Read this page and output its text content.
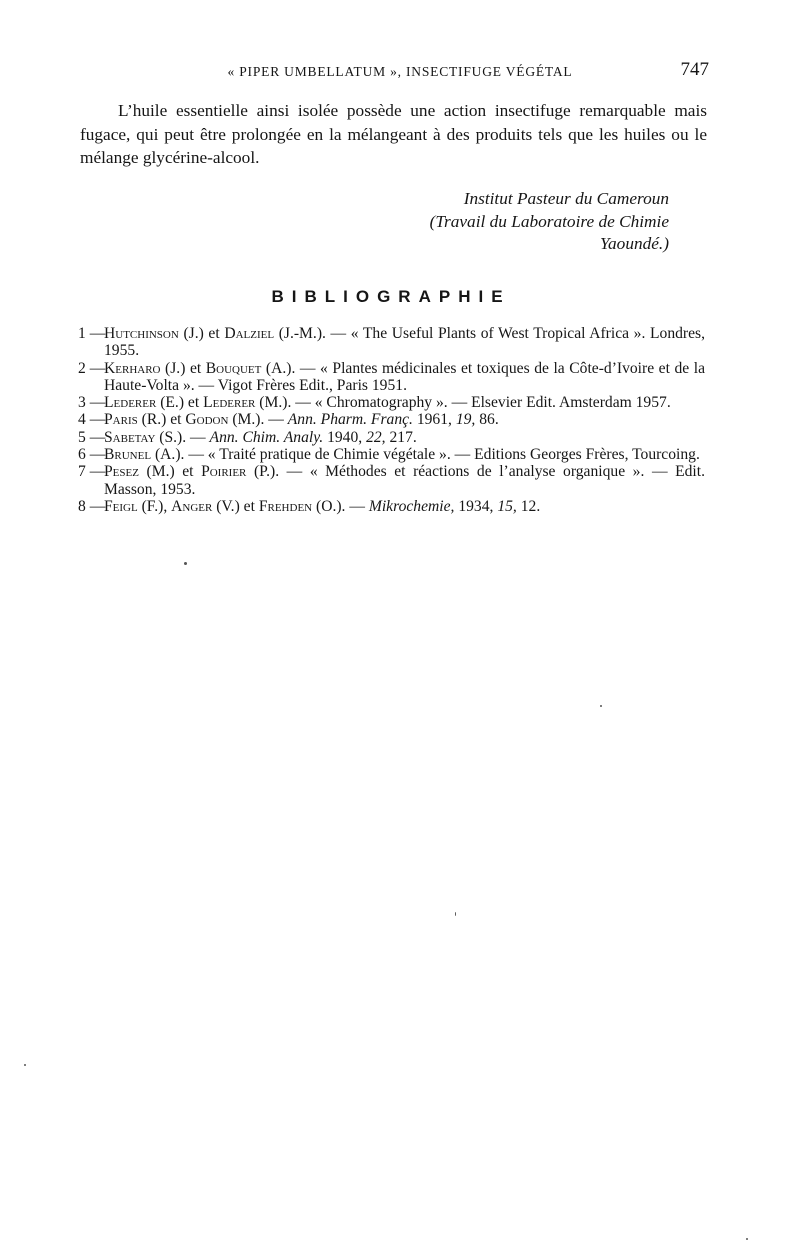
« PIPER UMBELLATUM », INSECTIFUGE VÉGÉTAL	747
L’huile essentielle ainsi isolée possède une action insectifuge remarquable mais fugace, qui peut être prolongée en la mélangeant à des produits tels que les huiles ou le mélange glycérine-alcool.
Institut Pasteur du Cameroun
(Travail du Laboratoire de Chimie
Yaoundé.)
BIBLIOGRAPHIE
1 —
Hutchinson (J.) et Dalziel (J.-M.). — « The Useful Plants of West Tropical Africa ». Londres, 1955.
2 —
Kerharo (J.) et Bouquet (A.). — « Plantes médicinales et toxiques de la Côte-d’Ivoire et de la Haute-Volta ». — Vigot Frères Edit., Paris 1951.
3 —
Lederer (E.) et Lederer (M.). — « Chromatography ». — Elsevier Edit. Amsterdam 1957.
4 —
Paris (R.) et Godon (M.). — Ann. Pharm. Franç. 1961, 19, 86.
5 —
Sabetay (S.). — Ann. Chim. Analy. 1940, 22, 217.
6 —
Brunel (A.). — « Traité pratique de Chimie végétale ». — Editions Georges Frères, Tourcoing.
7 —
Pesez (M.) et Poirier (P.). — « Méthodes et réactions de l’analyse organique ». — Edit. Masson, 1953.
8 —
Feigl (F.), Anger (V.) et Frehden (O.). — Mikrochemie, 1934, 15, 12.
